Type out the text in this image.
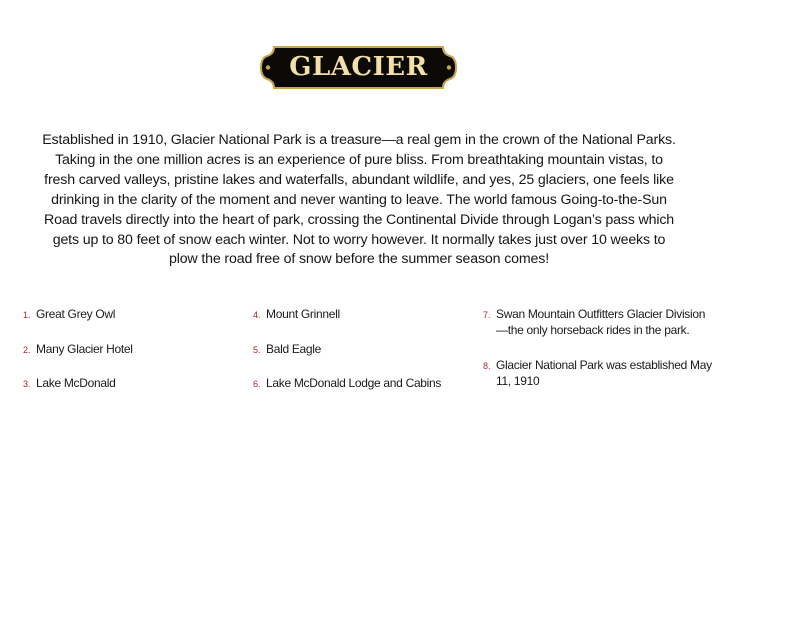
GLACIER

Established in 1910, Glacier National Park is a treasure—a real gem in the crown of the National Parks. Taking in the one million acres is an experience of pure bliss. From breathtaking mountain vistas, to fresh carved valleys, pristine lakes and waterfalls, abundant wildlife, and yes, 25 glaciers, one feels like drinking in the clarity of the moment and never wanting to leave. The world famous Going-to-the-Sun Road travels directly into the heart of park, crossing the Continental Divide through Logan’s pass which gets up to 80 feet of snow each winter. Not to worry however. It normally takes just over 10 weeks to plow the road free of snow before the summer season comes!

1. Great Grey Owl
2. Many Glacier Hotel
3. Lake McDonald
4. Mount Grinnell
5. Bald Eagle
6. Lake McDonald Lodge and Cabins
7. Swan Mountain Outfitters Glacier Division—the only horseback rides in the park.
8. Glacier National Park was established May 11, 1910
